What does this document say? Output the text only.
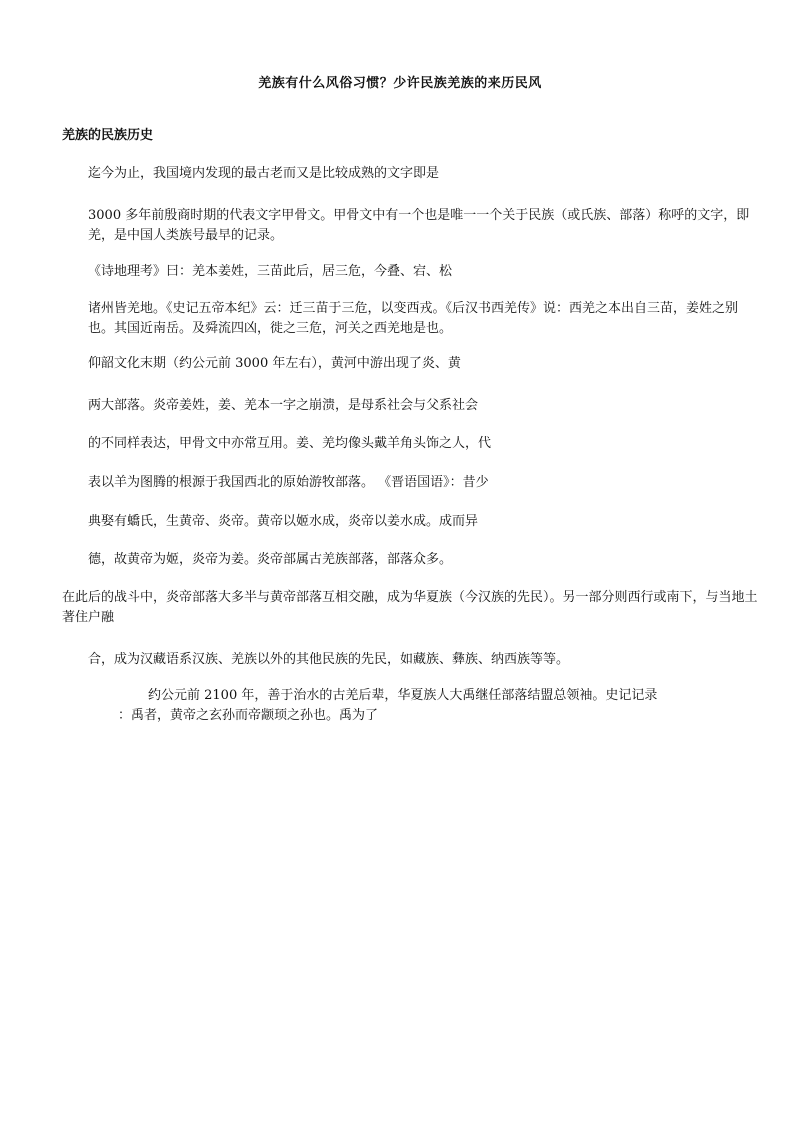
羌族有什么风俗习惯？少许民族羌族的来历民风
羌族的民族历史
迄今为止，我国境内发现的最古老而又是比较成熟的文字即是
3000 多年前殷商时期的代表文字甲骨文。甲骨文中有一个也是唯一一个关于民族（或氏族、部落）称呼的文字，即羌，是中国人类族号最早的记录。
《诗地理考》曰：羌本姜姓，三苗此后，居三危，今叠、宕、松
诸州皆羌地。《史记五帝本纪》云：迁三苗于三危，以变西戎。《后汉书西羌传》说：西羌之本出自三苗，姜姓之别也。其国近南岳。及舜流四凶，徙之三危，河关之西羌地是也。
仰韶文化末期（约公元前 3000 年左右），黄河中游出现了炎、黄
两大部落。炎帝姜姓，姜、羌本一字之崩溃，是母系社会与父系社会
的不同样表达，甲骨文中亦常互用。姜、羌均像头戴羊角头饰之人，代
表以羊为图腾的根源于我国西北的原始游牧部落。 《晋语国语》：昔少
典娶有蟜氏，生黄帝、炎帝。黄帝以姬水成，炎帝以姜水成。成而异
德，故黄帝为姬，炎帝为姜。炎帝部属古羌族部落，部落众多。
在此后的战斗中，炎帝部落大多半与黄帝部落互相交融，成为华夏族（今汉族的先民）。另一部分则西行或南下，与当地土著住户融
合，成为汉藏语系汉族、羌族以外的其他民族的先民，如藏族、彝族、纳西族等等。
约公元前 2100 年，善于治水的古羌后辈，华夏族人大禹继任部落结盟总领袖。史记记录
：禹者，黄帝之玄孙而帝颛顼之孙也。禹为了
